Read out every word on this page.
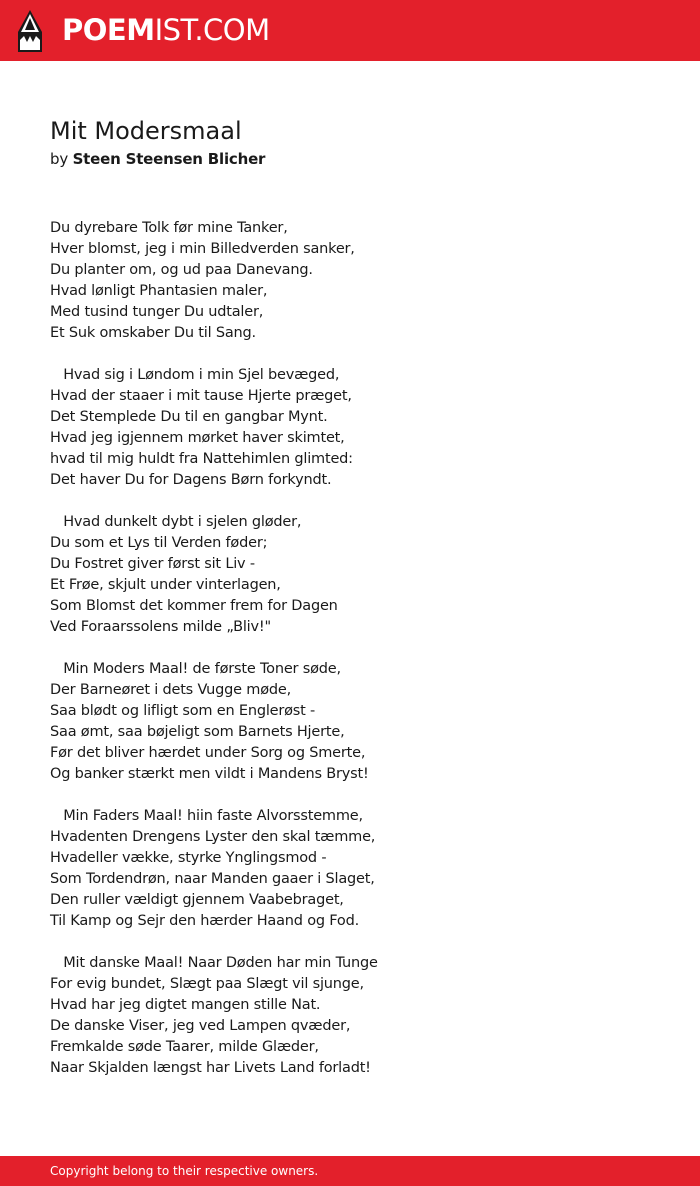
POEMIST.COM
Mit Modersmaal
by Steen Steensen Blicher
Du dyrebare Tolk før mine Tanker,
Hver blomst, jeg i min Billedverden sanker,
Du planter om, og ud paa Danevang.
Hvad lønligt Phantasien maler,
Med tusind tunger Du udtaler,
Et Suk omskaber Du til Sang.
Hvad sig i Løndom i min Sjel bevæged,
Hvad der staaer i mit tause Hjerte præget,
Det Stemplede Du til en gangbar Mynt.
Hvad jeg igjennem mørket haver skimtet,
hvad til mig huldt fra Nattehimlen glimted:
Det haver Du for Dagens Børn forkyndt.
Hvad dunkelt dybt i sjelen gløder,
Du som et Lys til Verden føder;
Du Fostret giver først sit Liv -
Et Frøe, skjult under vinterlagen,
Som Blomst det kommer frem for Dagen
Ved Foraarssolens milde „Bliv!"
Min Moders Maal! de første Toner søde,
Der Barneøret i dets Vugge møde,
Saa blødt og lifligt som en Englerøst -
Saa ømt, saa bøjeligt som Barnets Hjerte,
Før det bliver hærdet under Sorg og Smerte,
Og banker stærkt men vildt i Mandens Bryst!
Min Faders Maal! hiin faste Alvorsstemme,
Hvadenten Drengens Lyster den skal tæmme,
Hvadeller vække, styrke Ynglingsmod -
Som Tordendrøn, naar Manden gaaer i Slaget,
Den ruller vældigt gjennem Vaabebraget,
Til Kamp og Sejr den hærder Haand og Fod.
Mit danske Maal! Naar Døden har min Tunge
For evig bundet, Slægt paa Slægt vil sjunge,
Hvad har jeg digtet mangen stille Nat.
De danske Viser, jeg ved Lampen qvæder,
Fremkalde søde Taarer, milde Glæder,
Naar Skjalden længst har Livets Land forladt!
Copyright belong to their respective owners.
